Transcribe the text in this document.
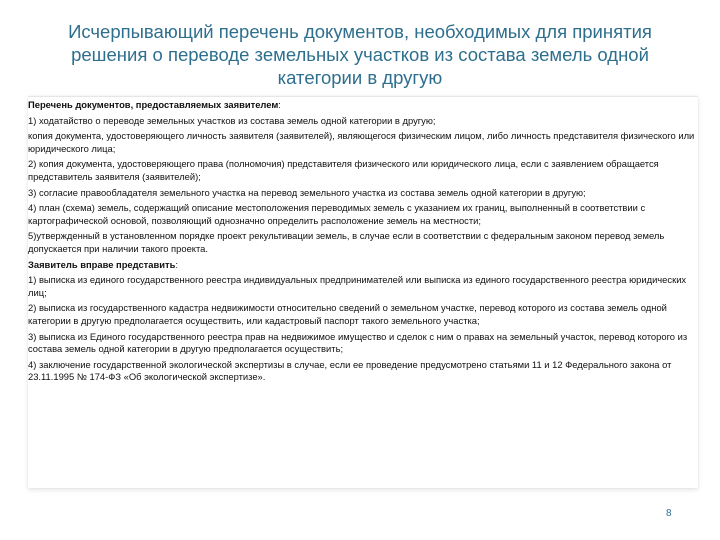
Исчерпывающий перечень документов, необходимых для принятия
решения о переводе земельных участков из состава земель одной
категории в другую

Перечень документов, предоставляемых заявителем:

1) ходатайство о переводе земельных участков из состава земель одной категории в другую;

копия документа, удостоверяющего личность заявителя (заявителей), являющегося физическим лицом, либо личность представителя физического или юридического лица;

2) копия документа, удостоверяющего права (полномочия) представителя физического или юридического лица, если с заявлением обращается представитель заявителя (заявителей);

3) согласие правообладателя земельного участка на перевод земельного участка из состава земель одной категории в другую;

4) план (схема) земель, содержащий описание местоположения переводимых земель с указанием их границ, выполненный в соответствии с картографической основой, позволяющий однозначно определить расположение земель на местности;

5)утвержденный в установленном порядке проект рекультивации земель, в случае если в соответствии с федеральным законом перевод земель допускается при наличии такого проекта.

Заявитель вправе представить:

1) выписка из единого государственного реестра индивидуальных предпринимателей или выписка из единого государственного реестра юридических лиц;

2) выписка из государственного кадастра недвижимости относительно сведений о земельном участке, перевод которого из состава земель одной категории в другую предполагается осуществить, или кадастровый паспорт такого земельного участка;

3) выписка из Единого государственного реестра прав на недвижимое имущество и сделок с ним о правах на земельный участок, перевод которого из состава земель одной категории в другую предполагается осуществить;

4) заключение государственной экологической экспертизы в случае, если ее проведение предусмотрено статьями 11 и 12 Федерального закона от 23.11.1995 № 174-ФЗ «Об экологической экспертизе».

8
